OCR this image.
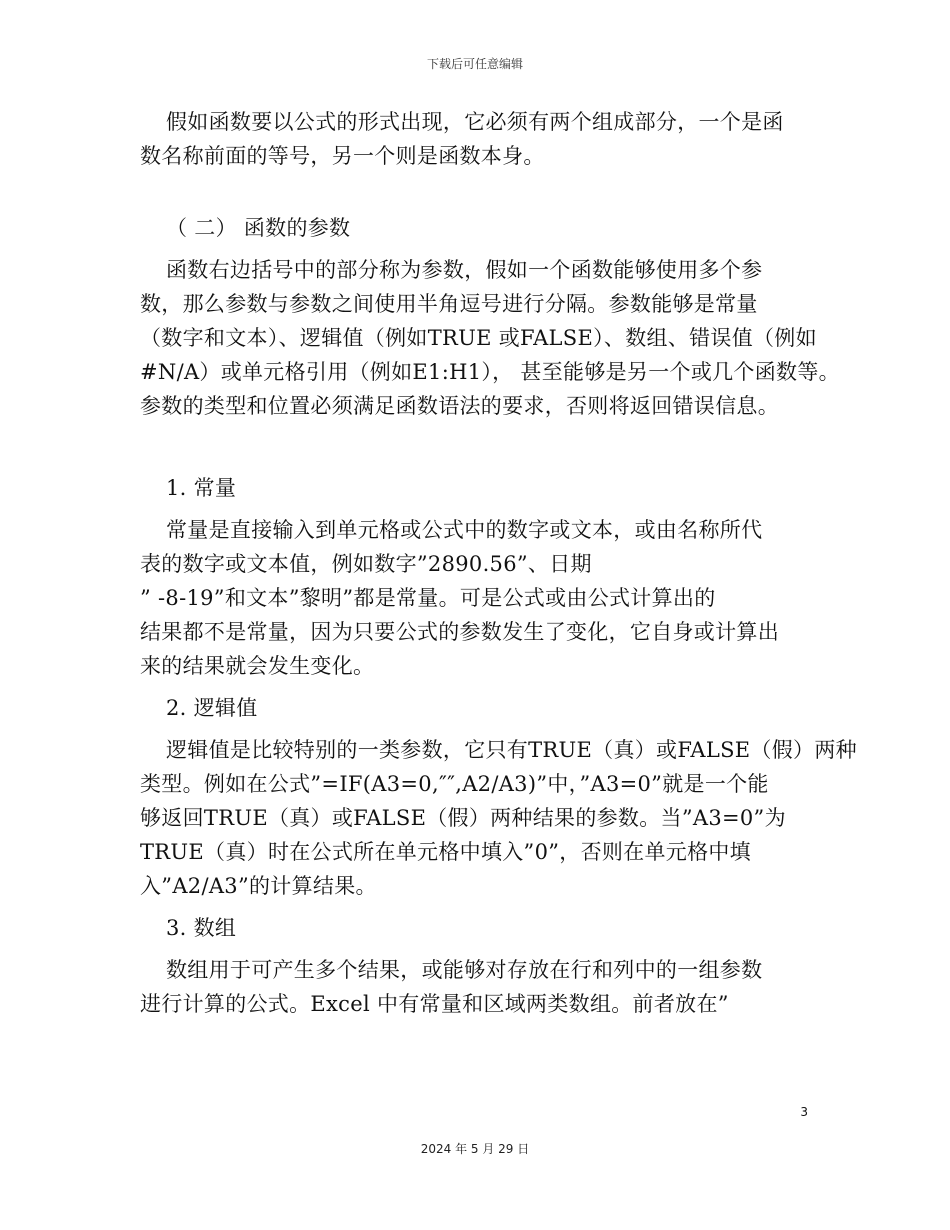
下载后可任意编辑

假如函数要以公式的形式出现，它必须有两个组成部分，一个是函

数名称前面的等号，另一个则是函数本身。

（ 二） 函数的参数

函数右边括号中的部分称为参数，假如一个函数能够使用多个参

数，那么参数与参数之间使用半角逗号进行分隔。参数能够是常量

（数字和文本）、逻辑值（例如TRUE 或FALSE）、数组、错误值（例如

#N/A）或单元格引用（例如E1:H1）， 甚至能够是另一个或几个函数等。

参数的类型和位置必须满足函数语法的要求，否则将返回错误信息。

1. 常量

常量是直接输入到单元格或公式中的数字或文本，或由名称所代

表的数字或文本值，例如数字”2890.56”、日期

” -8-19”和文本”黎明”都是常量。可是公式或由公式计算出的

结果都不是常量，因为只要公式的参数发生了变化，它自身或计算出

来的结果就会发生变化。

2. 逻辑值

逻辑值是比较特别的一类参数，它只有TRUE（真）或FALSE（假）两种

类型。例如在公式”=IF(A3=0,″″,A2/A3)”中，”A3=0”就是一个能

够返回TRUE（真）或FALSE（假）两种结果的参数。当”A3=0”为

TRUE（真）时在公式所在单元格中填入”0”，否则在单元格中填

入”A2/A3”的计算结果。

3. 数组

数组用于可产生多个结果，或能够对存放在行和列中的一组参数

进行计算的公式。Excel 中有常量和区域两类数组。前者放在”

3
2024 年 5 月 29 日
